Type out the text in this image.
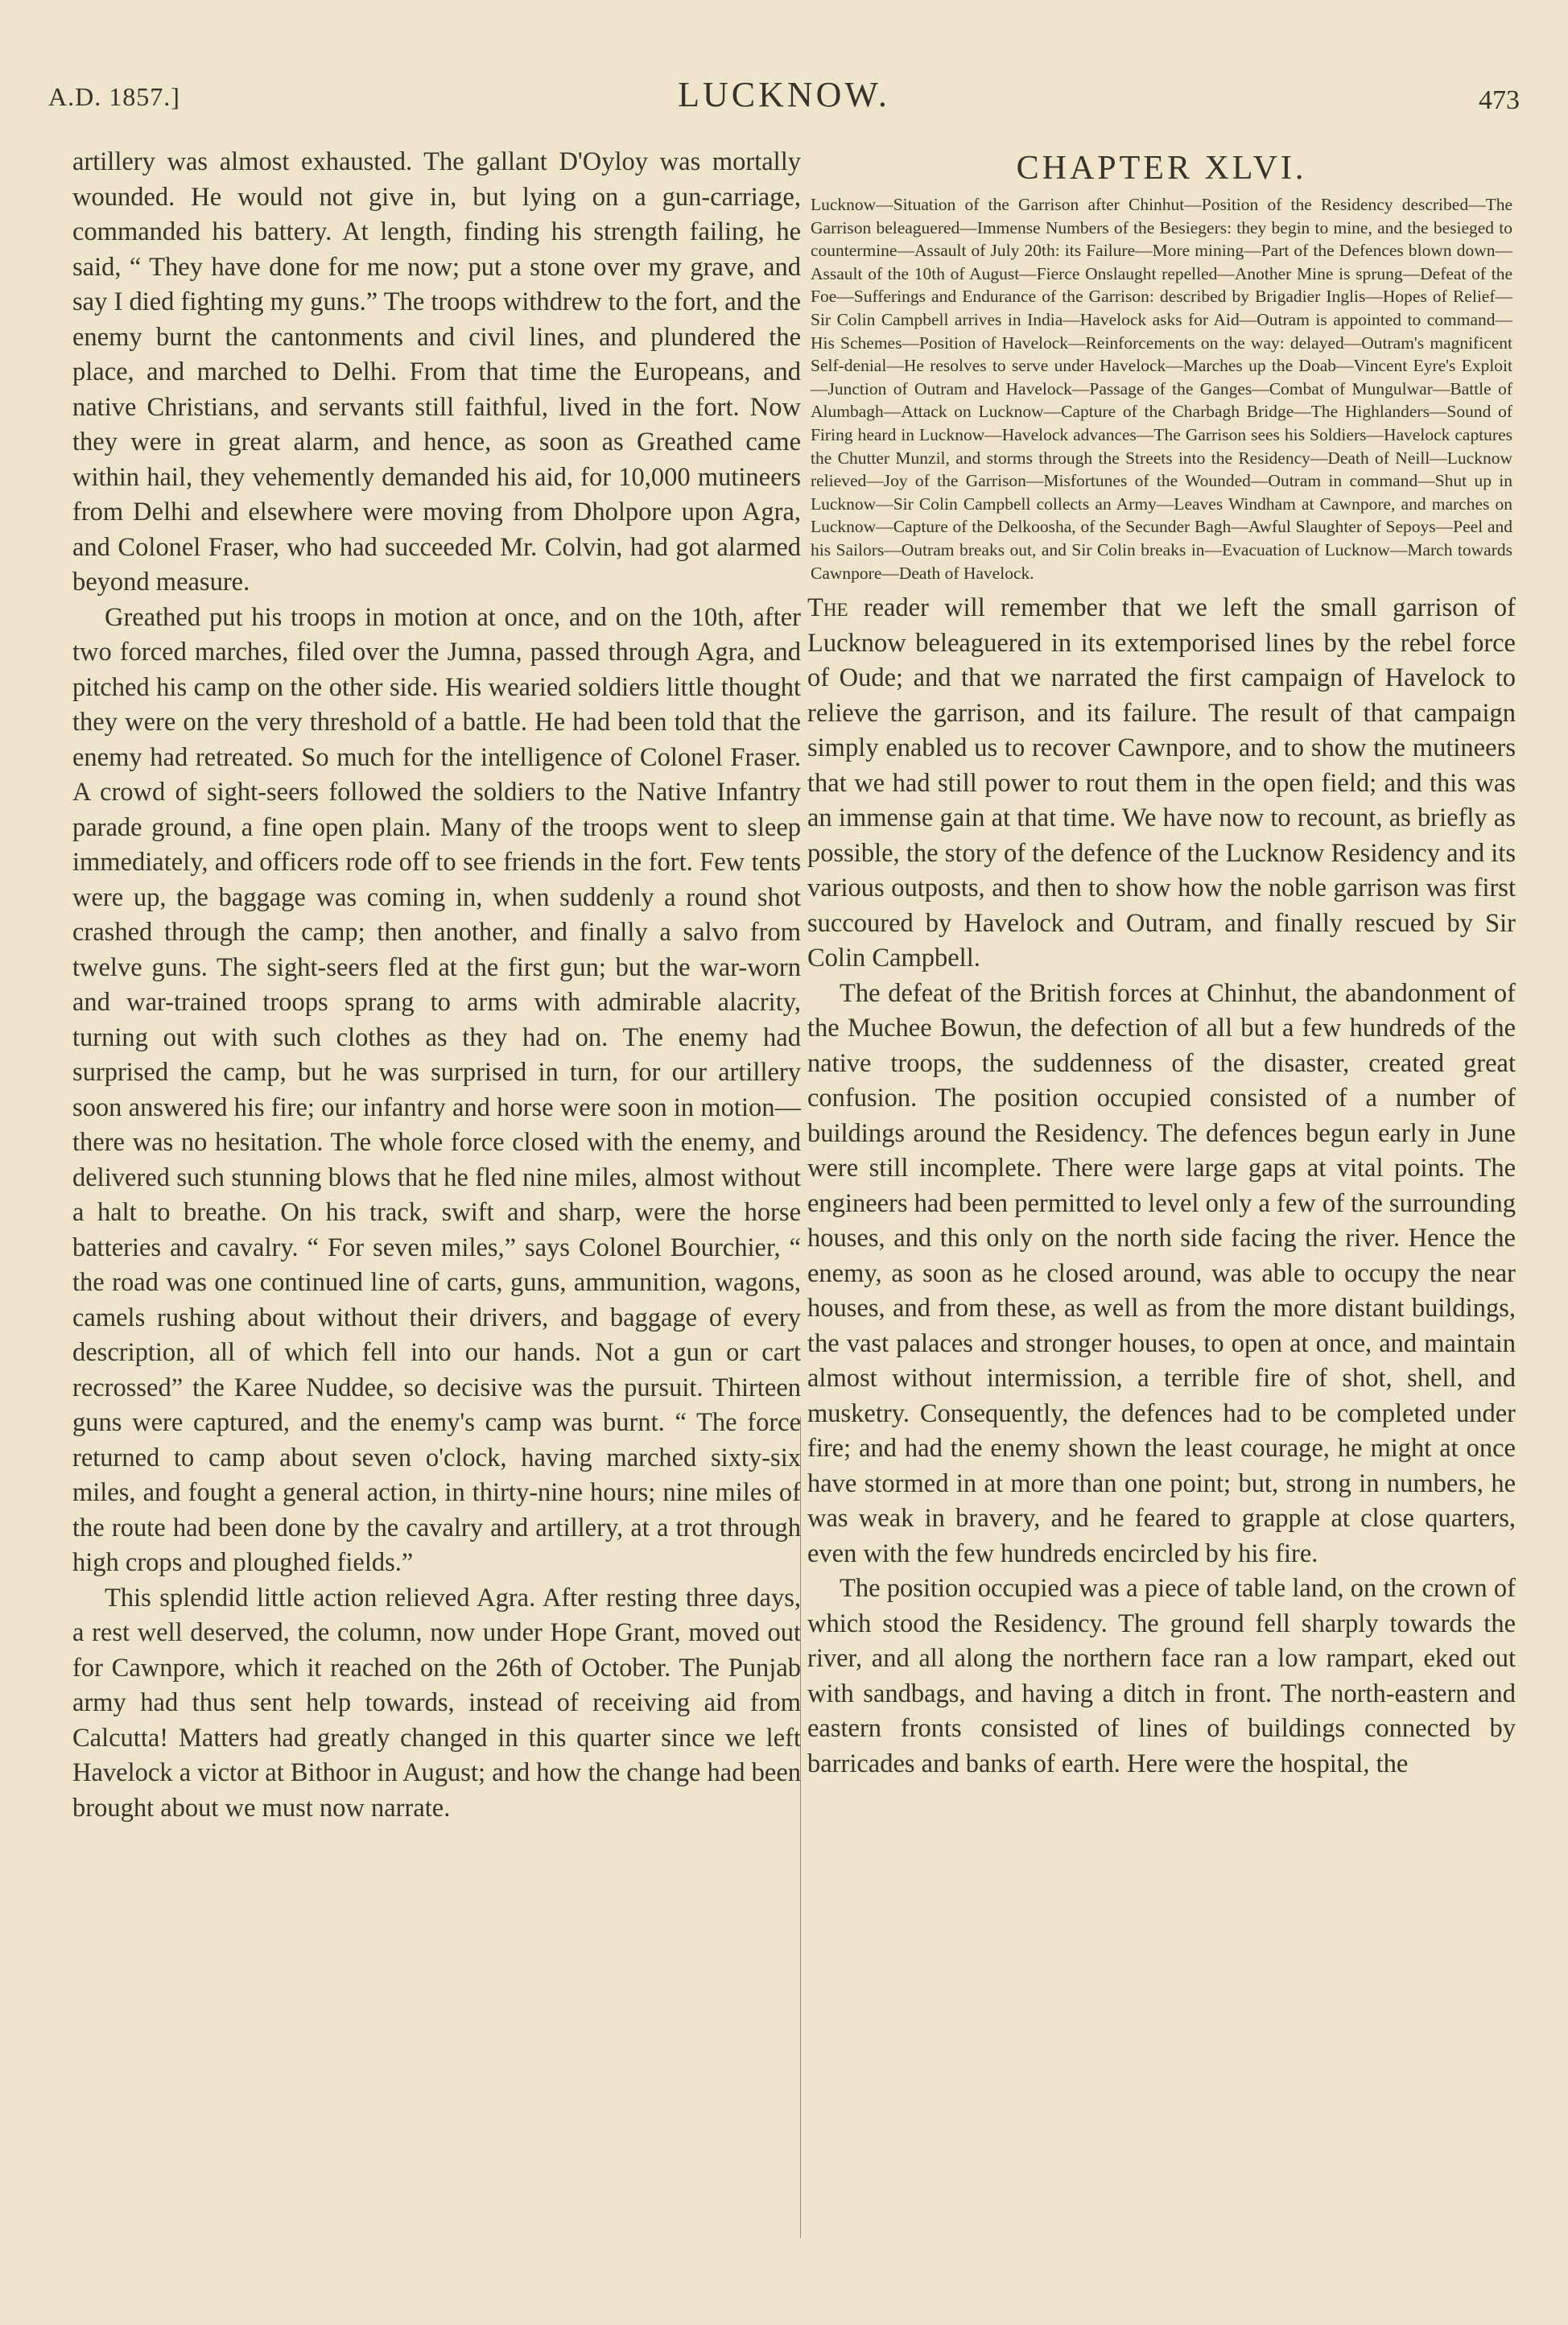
A.D. 1857.]	LUCKNOW.	473

artillery was almost exhausted. The gallant D'Oyloy was mortally wounded. He would not give in, but lying on a gun-carriage, commanded his battery. At length, finding his strength failing, he said, “ They have done for me now; put a stone over my grave, and say I died fighting my guns.” The troops withdrew to the fort, and the enemy burnt the cantonments and civil lines, and plundered the place, and marched to Delhi. From that time the Europeans, and native Christians, and servants still faithful, lived in the fort. Now they were in great alarm, and hence, as soon as Greathed came within hail, they vehemently demanded his aid, for 10,000 mutineers from Delhi and elsewhere were moving from Dholpore upon Agra, and Colonel Fraser, who had succeeded Mr. Colvin, had got alarmed beyond measure.

Greathed put his troops in motion at once, and on the 10th, after two forced marches, filed over the Jumna, passed through Agra, and pitched his camp on the other side. His wearied soldiers little thought they were on the very threshold of a battle. He had been told that the enemy had retreated. So much for the intelligence of Colonel Fraser. A crowd of sight-seers followed the soldiers to the Native Infantry parade ground, a fine open plain. Many of the troops went to sleep immediately, and officers rode off to see friends in the fort. Few tents were up, the baggage was coming in, when suddenly a round shot crashed through the camp; then another, and finally a salvo from twelve guns. The sight-seers fled at the first gun; but the war-worn and war-trained troops sprang to arms with admirable alacrity, turning out with such clothes as they had on. The enemy had surprised the camp, but he was surprised in turn, for our artillery soon answered his fire; our infantry and horse were soon in motion—there was no hesitation. The whole force closed with the enemy, and delivered such stunning blows that he fled nine miles, almost without a halt to breathe. On his track, swift and sharp, were the horse batteries and cavalry. “ For seven miles,” says Colonel Bourchier, “ the road was one continued line of carts, guns, ammunition, wagons, camels rushing about without their drivers, and baggage of every description, all of which fell into our hands. Not a gun or cart recrossed” the Karee Nuddee, so decisive was the pursuit. Thirteen guns were captured, and the enemy's camp was burnt. “ The force returned to camp about seven o'clock, having marched sixty-six miles, and fought a general action, in thirty-nine hours; nine miles of the route had been done by the cavalry and artillery, at a trot through high crops and ploughed fields.”

This splendid little action relieved Agra. After resting three days, a rest well deserved, the column, now under Hope Grant, moved out for Cawnpore, which it reached on the 26th of October. The Punjab army had thus sent help towards, instead of receiving aid from Calcutta! Matters had greatly changed in this quarter since we left Havelock a victor at Bithoor in August; and how the change had been brought about we must now narrate.

CHAPTER XLVI.
Lucknow—Situation of the Garrison after Chinhut—Position of the Residency described—The Garrison beleaguered—Immense Numbers of the Besiegers: they begin to mine, and the besieged to countermine—Assault of July 20th: its Failure—More mining—Part of the Defences blown down—Assault of the 10th of August—Fierce Onslaught repelled—Another Mine is sprung—Defeat of the Foe—Sufferings and Endurance of the Garrison: described by Brigadier Inglis—Hopes of Relief—Sir Colin Campbell arrives in India—Havelock asks for Aid—Outram is appointed to command—His Schemes—Position of Havelock—Reinforcements on the way: delayed—Outram's magnificent Self-denial—He resolves to serve under Havelock—Marches up the Doab—Vincent Eyre's Exploit—Junction of Outram and Havelock—Passage of the Ganges—Combat of Mungulwar—Battle of Alumbagh—Attack on Lucknow—Capture of the Charbagh Bridge—The Highlanders—Sound of Firing heard in Lucknow—Havelock advances—The Garrison sees his Soldiers—Havelock captures the Chutter Munzil, and storms through the Streets into the Residency—Death of Neill—Lucknow relieved—Joy of the Garrison—Misfortunes of the Wounded—Outram in command—Shut up in Lucknow—Sir Colin Campbell collects an Army—Leaves Windham at Cawnpore, and marches on Lucknow—Capture of the Delkoosha, of the Secunder Bagh—Awful Slaughter of Sepoys—Peel and his Sailors—Outram breaks out, and Sir Colin breaks in—Evacuation of Lucknow—March towards Cawnpore—Death of Havelock.

The reader will remember that we left the small garrison of Lucknow beleaguered in its extemporised lines by the rebel force of Oude; and that we narrated the first campaign of Havelock to relieve the garrison, and its failure. The result of that campaign simply enabled us to recover Cawnpore, and to show the mutineers that we had still power to rout them in the open field; and this was an immense gain at that time. We have now to recount, as briefly as possible, the story of the defence of the Lucknow Residency and its various outposts, and then to show how the noble garrison was first succoured by Havelock and Outram, and finally rescued by Sir Colin Campbell.

The defeat of the British forces at Chinhut, the abandonment of the Muchee Bowun, the defection of all but a few hundreds of the native troops, the suddenness of the disaster, created great confusion. The position occupied consisted of a number of buildings around the Residency. The defences begun early in June were still incomplete. There were large gaps at vital points. The engineers had been permitted to level only a few of the surrounding houses, and this only on the north side facing the river. Hence the enemy, as soon as he closed around, was able to occupy the near houses, and from these, as well as from the more distant buildings, the vast palaces and stronger houses, to open at once, and maintain almost without intermission, a terrible fire of shot, shell, and musketry. Consequently, the defences had to be completed under fire; and had the enemy shown the least courage, he might at once have stormed in at more than one point; but, strong in numbers, he was weak in bravery, and he feared to grapple at close quarters, even with the few hundreds encircled by his fire.

The position occupied was a piece of table land, on the crown of which stood the Residency. The ground fell sharply towards the river, and all along the northern face ran a low rampart, eked out with sandbags, and having a ditch in front. The north-eastern and eastern fronts consisted of lines of buildings connected by barricades and banks of earth. Here were the hospital, the
